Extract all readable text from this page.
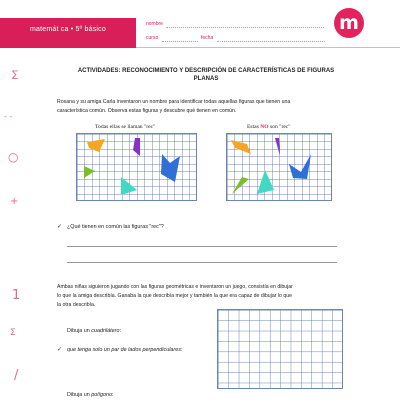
∑
- -
○
+
1
Σ
/
matemát ca • 5º básico
nombre
curso	fecha
m
ACTIVIDADES: RECONOCIMIENTO Y DESCRIPCIÓN DE CARACTERÍSTICAS DE FIGURAS
PLANAS
Rosana y su amiga Carla inventaron un nombre para identificar todas aquellas figuras que tienen una
característica común. Observa estas figuras y descubre qué tienen en común.
Todas ellas se llaman "rec"	Estas NO son "rec"
✓ ¿Qué tienen en común las figuras "rec"?
Ambas niñas siguieron jugando con las figuras geométricas e inventaron un juego, consistía en dibujar
lo que la amiga describía. Ganaba la que describía mejor y también la que era capaz de dibujar lo que
la otra describía.
Dibuja un cuadrilátero:
✓ que tenga solo un par de lados perpendiculares:
Dibuja un polígono:
